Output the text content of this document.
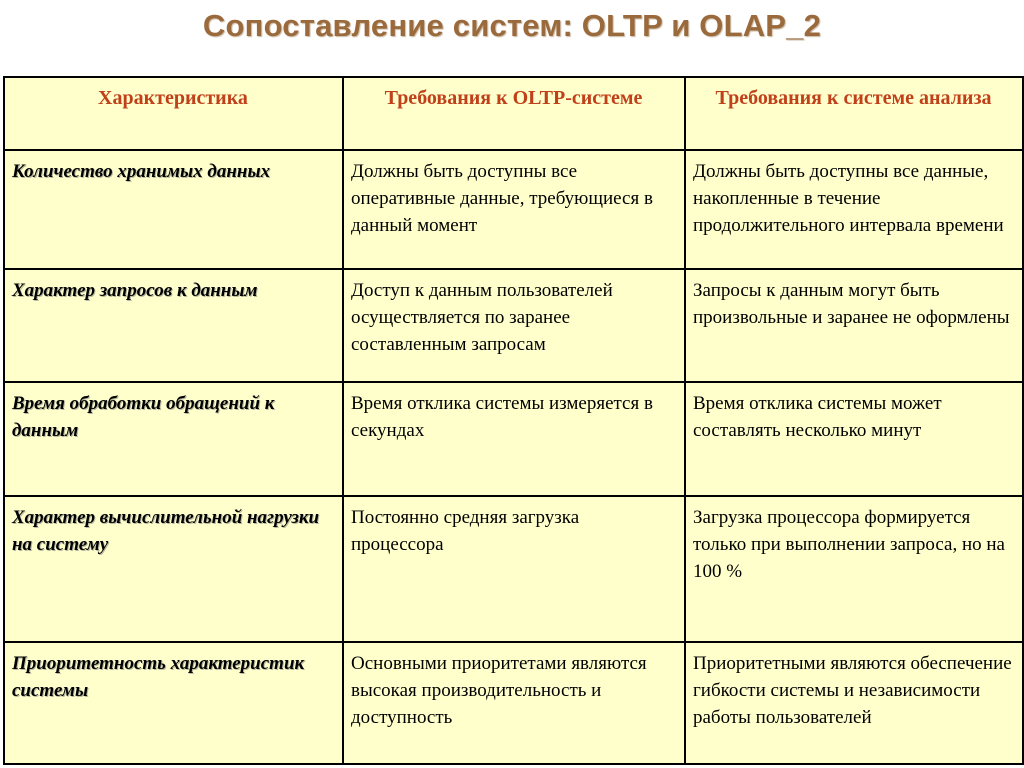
Сопоставление систем: OLTP и OLAP_2
Характеристика	Требования к OLTP-системе	Требования к системе анализа
Количество хранимых данных	Должны быть доступны все оперативные данные, требующиеся в данный момент	Должны быть доступны все данные, накопленные в течение продолжительного интервала времени
Характер запросов к данным	Доступ к данным пользователей осуществляется по заранее составленным запросам	Запросы к данным могут быть произвольные и заранее не оформлены
Время обработки обращений к данным	Время отклика системы измеряется в секундах	Время отклика системы может составлять несколько минут
Характер вычислительной нагрузки на систему	Постоянно средняя загрузка процессора	Загрузка процессора формируется только при выполнении запроса, но на 100 %
Приоритетность характеристик системы	Основными приоритетами являются высокая производительность и доступность	Приоритетными являются обеспечение гибкости системы и независимости работы пользователей
